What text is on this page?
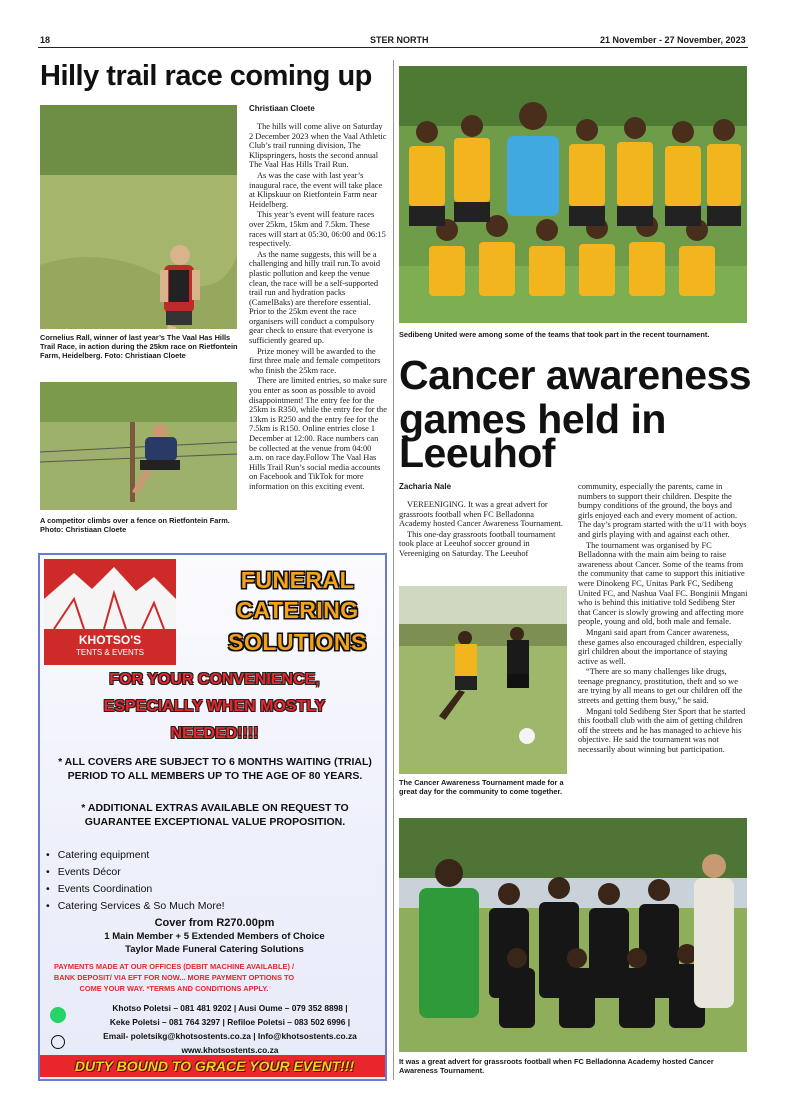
18	STER NORTH	21 November - 27 November, 2023
Hilly trail race coming up
Cornelius Rall, winner of last year’s The Vaal Has Hills Trail Race, in action during the 25km race on Rietfontein Farm, Heidelberg. Foto: Christiaan Cloete
A competitor climbs over a fence on Rietfontein Farm. Photo: Christiaan Cloete
Christiaan Cloete

The hills will come alive on Saturday 2 December 2023 when the Vaal Athletic Club’s trail running division, The Klipspringers, hosts the second annual The Vaal Has Hills Trail Run.

As was the case with last year’s inaugural race, the event will take place at Klipskuur on Rietfontein Farm near Heidelberg.

This year’s event will feature races over 25km, 15km and 7.5km. These races will start at 05:30, 06:00 and 06:15 respectively.

As the name suggests, this will be a challenging and hilly trail run.To avoid plastic pollution and keep the venue clean, the race will be a self-supported trail run and hydration packs (CamelBaks) are therefore essential. Prior to the 25km event the race organisers will conduct a compulsory gear check to ensure that everyone is sufficiently geared up.

Prize money will be awarded to the first three male and female competitors who finish the 25km race.

There are limited entries, so make sure you enter as soon as possible to avoid disappointment! The entry fee for the 25km is R350, while the entry fee for the 13km is R250 and the entry fee for the 7.5km is R150. Online entries close 1 December at 12:00. Race numbers can be collected at the venue from 04:00 a.m. on race day.Follow The Vaal Has Hills Trail Run’s social media accounts on Facebook and TikTok for more information on this exciting event.

KHOTSO'S
TENTS & EVENTS
FUNERAL
CATERING
SOLUTIONS
FOR YOUR CONVENIENCE,
ESPECIALLY WHEN MOSTLY
NEEDED!!!!
* ALL COVERS ARE SUBJECT TO 6 MONTHS WAITING (TRIAL) PERIOD TO ALL MEMBERS UP TO THE AGE OF 80 YEARS.
* ADDITIONAL EXTRAS AVAILABLE ON REQUEST TO GUARANTEE EXCEPTIONAL VALUE PROPOSITION.
• Catering equipment
• Events Décor
• Events Coordination
• Catering Services & So Much More!
Cover from R270.00pm
1 Main Member + 5 Extended Members of Choice
Taylor Made Funeral Catering Solutions
PAYMENTS MADE AT OUR OFFICES (DEBIT MACHINE AVAILABLE) / BANK DEPOSIT/ VIA EFT FOR NOW... MORE PAYMENT OPTIONS TO COME YOUR WAY. *TERMS AND CONDITIONS APPLY.
Khotso Poletsi – 081 481 9202 | Ausi Oume – 079 352 8898 |
Keke Poletsi – 081 764 3297 | Refiloe Poletsi – 083 502 6996 |
Email- poletsikg@khotsostents.co.za | Info@khotsostents.co.za
www.khotsostents.co.za
DUTY BOUND TO GRACE YOUR EVENT!!!
Sedibeng United were among some of the teams that took part in the recent tournament.
Cancer awareness
games held in
Leeuhof
Zacharia Nale

VEREENIGING. It was a great advert for grassroots football when FC Belladonna Academy hosted Cancer Awareness Tournament.

This one-day grassroots football tournament took place at Leeuhof soccer ground in Vereeniging on Saturday. The Leeuhof

The Cancer Awareness Tournament made for a great day for the community to come together.

community, especially the parents, came in numbers to support their children. Despite the bumpy conditions of the ground, the boys and girls enjoyed each and every moment of action. The day’s program started with the u/11 with boys and girls playing with and against each other.

The tournament was organised by FC Belladonna with the main aim being to raise awareness about Cancer. Some of the teams from the community that came to support this initiative were Dinokeng FC, Unitas Park FC, Sedibeng United FC, and Nashua Vaal FC. Bonginii Mngani who is behind this initiative told Sedibeng Ster that Cancer is slowly growing and affecting more people, young and old, both male and female.

Mngani said apart from Cancer awareness, these games also encouraged children, especially girl children about the importance of staying active as well.

“There are so many challenges like drugs, teenage pregnancy, prostitution, theft and so we are trying by all means to get our children off the streets and getting them busy,” he said.

Mngani told Sedibeng Ster Sport that he started this football club with the aim of getting children off the streets and he has managed to achieve his objective. He said the tournament was not necessarily about winning but participation.

It was a great advert for grassroots football when FC Belladonna Academy hosted Cancer Awareness Tournament.
